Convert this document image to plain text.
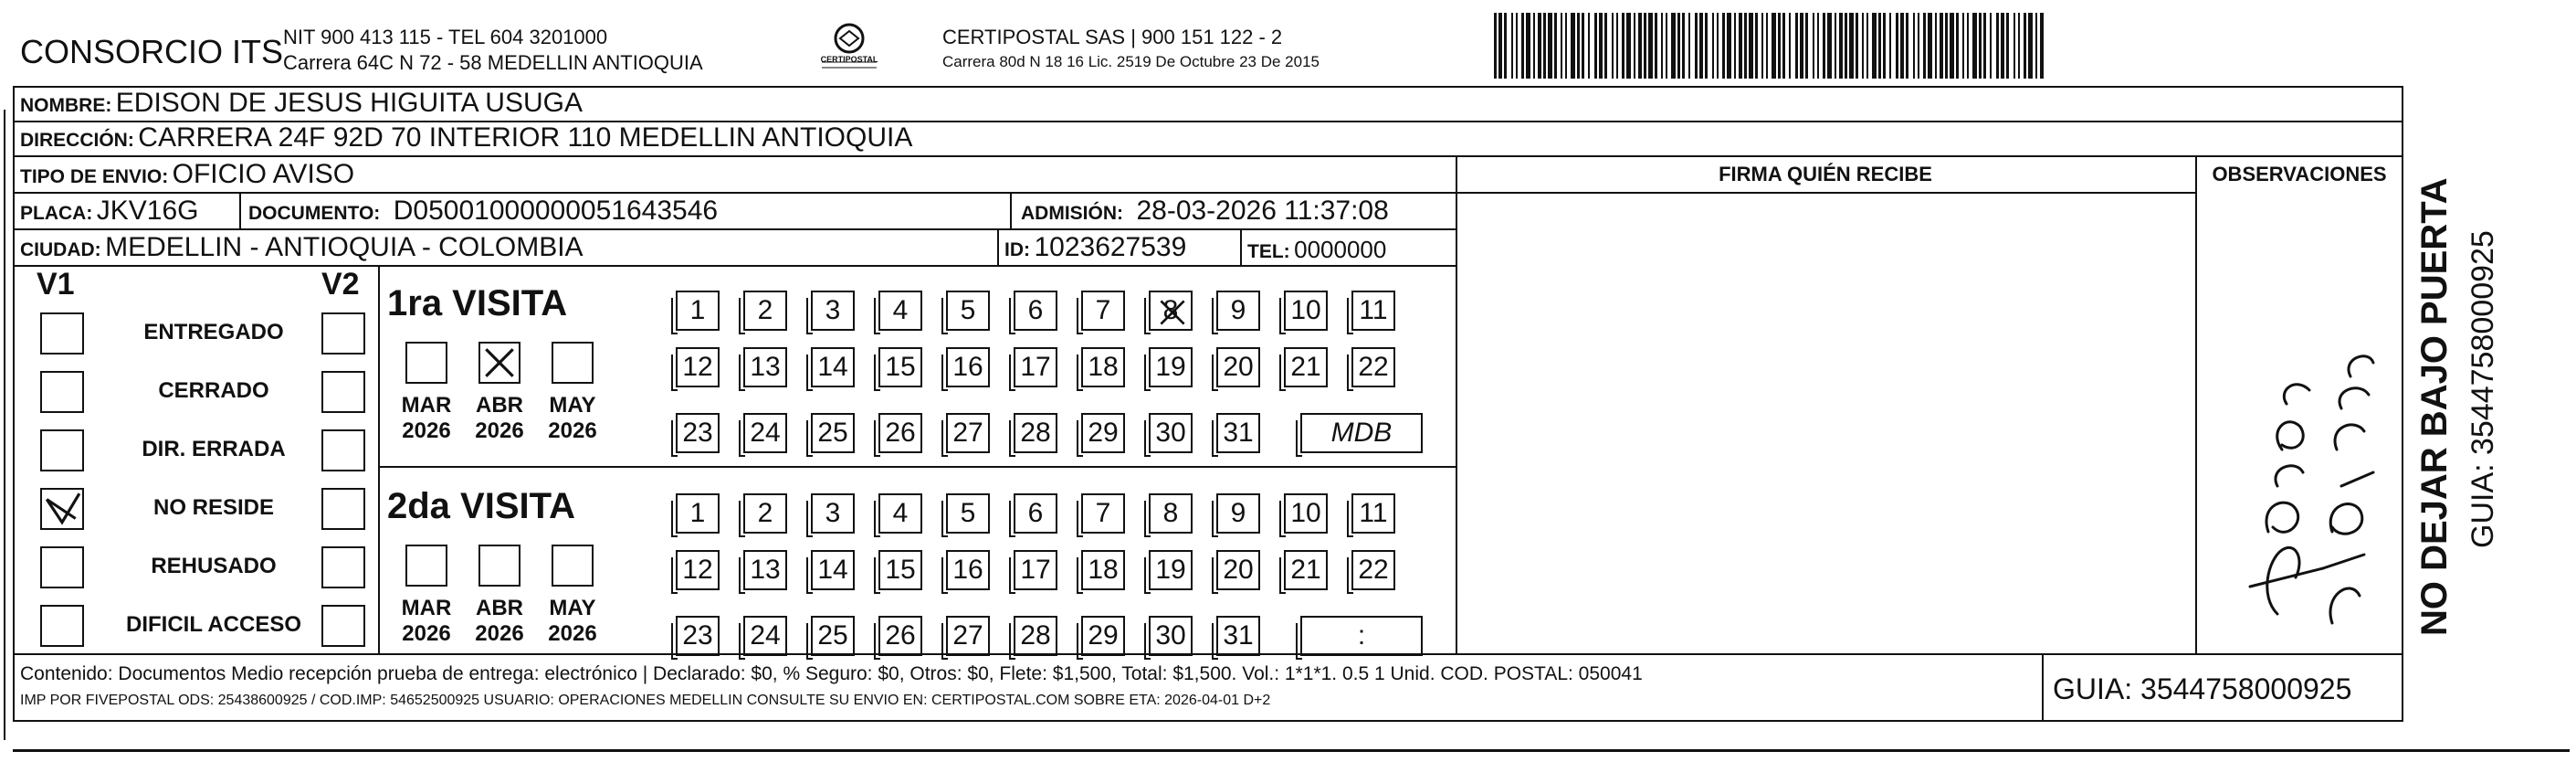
CONSORCIO ITS NIT 900 413 115 - TEL 604 3201000
Carrera 64C N 72 - 58 MEDELLIN ANTIOQUIA	CERTIPOSTAL
CERTIPOSTAL SAS | 900 151 122 - 2
Carrera 80d N 18 16 Lic. 2519 De Octubre 23 De 2015
NOMBRE: EDISON DE JESUS HIGUITA USUGA
DIRECCIÓN: CARRERA 24F 92D 70 INTERIOR 110 MEDELLIN ANTIOQUIA
TIPO DE ENVIO: OFICIO AVISO	FIRMA QUIÉN RECIBE	OBSERVACIONES
PLACA: JKV16G	DOCUMENTO: D05001000000051643546	ADMISIÓN: 28-03-2026 11:37:08
CIUDAD: MEDELLIN - ANTIOQUIA - COLOMBIA	ID: 1023627539	TEL: 0000000
V1	V2
ENTREGADO
CERRADO
DIR. ERRADA
NO RESIDE
REHUSADO
DIFICIL ACCESO
1ra VISITA
MAR
2026
ABR
2026
MAY
2026
1	2	3	4	5	6	7	8	9	10 11
12 13 14 15 16 17 18 19 20 21 22
23 24 25 26 27 28 29 30 31	MDB
2da VISITA
MAR
2026
ABR
2026
MAY
2026
1	2	3	4	5	6	7	8	9	10 11
12 13 14 15 16 17 18 19 20 21 22
23 24 25 26 27 28 29 30 31	:
Contenido: Documentos Medio recepción prueba de entrega: electrónico | Declarado: $0, % Seguro: $0, Otros: $0, Flete: $1,500, Total: $1,500. Vol.: 1*1*1. 0.5 1 Unid. COD. POSTAL: 050041
IMP POR FIVEPOSTAL ODS: 25438600925 / COD.IMP: 54652500925 USUARIO: OPERACIONES MEDELLIN CONSULTE SU ENVIO EN: CERTIPOSTAL.COM SOBRE ETA: 2026-04-01 D+2	GUIA: 3544758000925
NO DEJAR BAJO PUERTA GUIA: 3544758000925
